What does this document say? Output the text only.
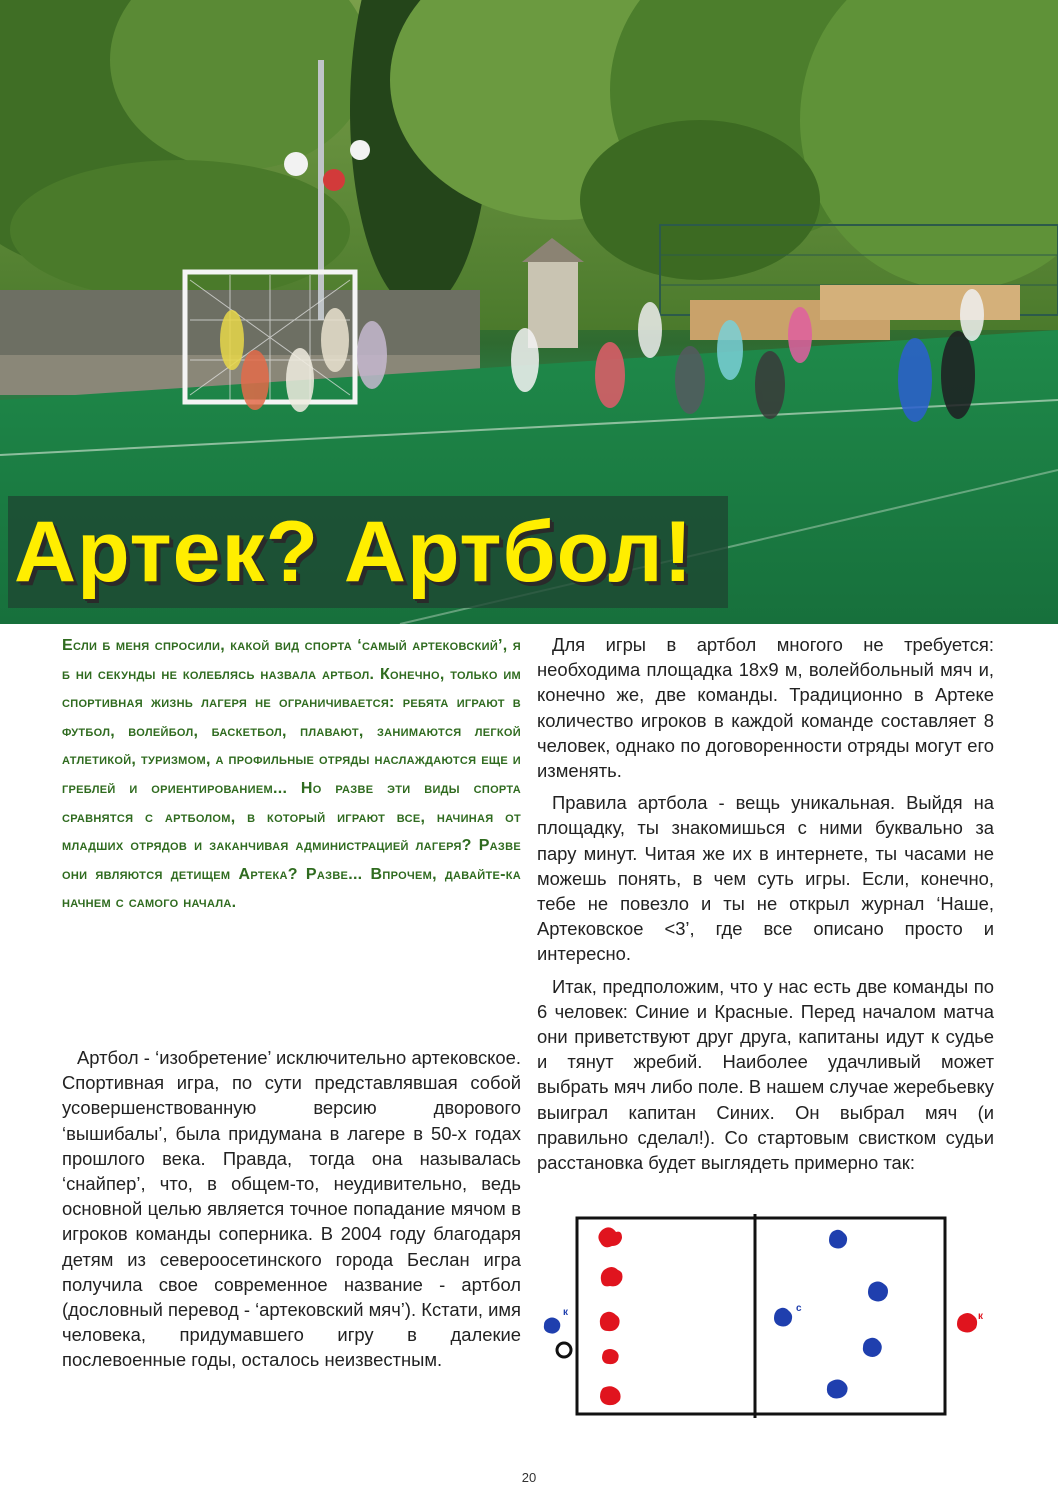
Артек? Артбол!
Если б меня спросили, какой вид спорта ‘самый артековский’, я б ни секунды не колеблясь назвала артбол. Конечно, только им спортивная жизнь лагеря не ограничивается: ребята играют в футбол, волейбол, баскетбол, плавают, занимаются легкой атлетикой, туризмом, а профильные отряды наслаждаются еще и греблей и ориентированием... Но разве эти виды спорта сравнятся с артболом, в который играют все, начиная от младших отрядов и заканчивая администрацией лагеря? Разве они являются детищем Артека? Разве... Впрочем, давайте-ка начнем с самого начала.

Артбол - ‘изобретение’ исключительно артековское. Спортивная игра, по сути представлявшая собой усовершенствованную версию дворового ‘вышибалы’, была придумана в лагере в 50-х годах прошлого века. Правда, тогда она называлась ‘снайпер’, что, в общем-то, неудивительно, ведь основной целью является точное попадание мячом в игроков команды соперника. В 2004 году благодаря детям из североосетинского города Беслан игра получила свое современное название - артбол (дословный перевод - ‘артековский мяч’). Кстати, имя человека, придумавшего игру в далекие послевоенные годы, осталось неизвестным.

Для игры в артбол многого не требуется: необходима площадка 18х9 м, волейбольный мяч и, конечно же, две команды. Традиционно в Артеке количество игроков в каждой команде составляет 8 человек, однако по договоренности отряды могут его изменять.

Правила артбола - вещь уникальная. Выйдя на площадку, ты знакомишься с ними буквально за пару минут. Читая же их в интернете, ты часами не можешь понять, в чем суть игры. Если, конечно, тебе не повезло и ты не открыл журнал ‘Наше, Артековское <3’, где все описано просто и интересно.

Итак, предположим, что у нас есть две команды по 6 человек: Синие и Красные. Перед началом матча они приветствуют друг друга, капитаны идут к судье и тянут жребий. Наиболее удачливый может выбрать мяч либо поле. В нашем случае жеребьевку выиграл капитан Синих. Он выбрал мяч (и правильно сделал!). Со стартовым свистком судьи расстановка будет выглядеть примерно так:

к	с
к
20
